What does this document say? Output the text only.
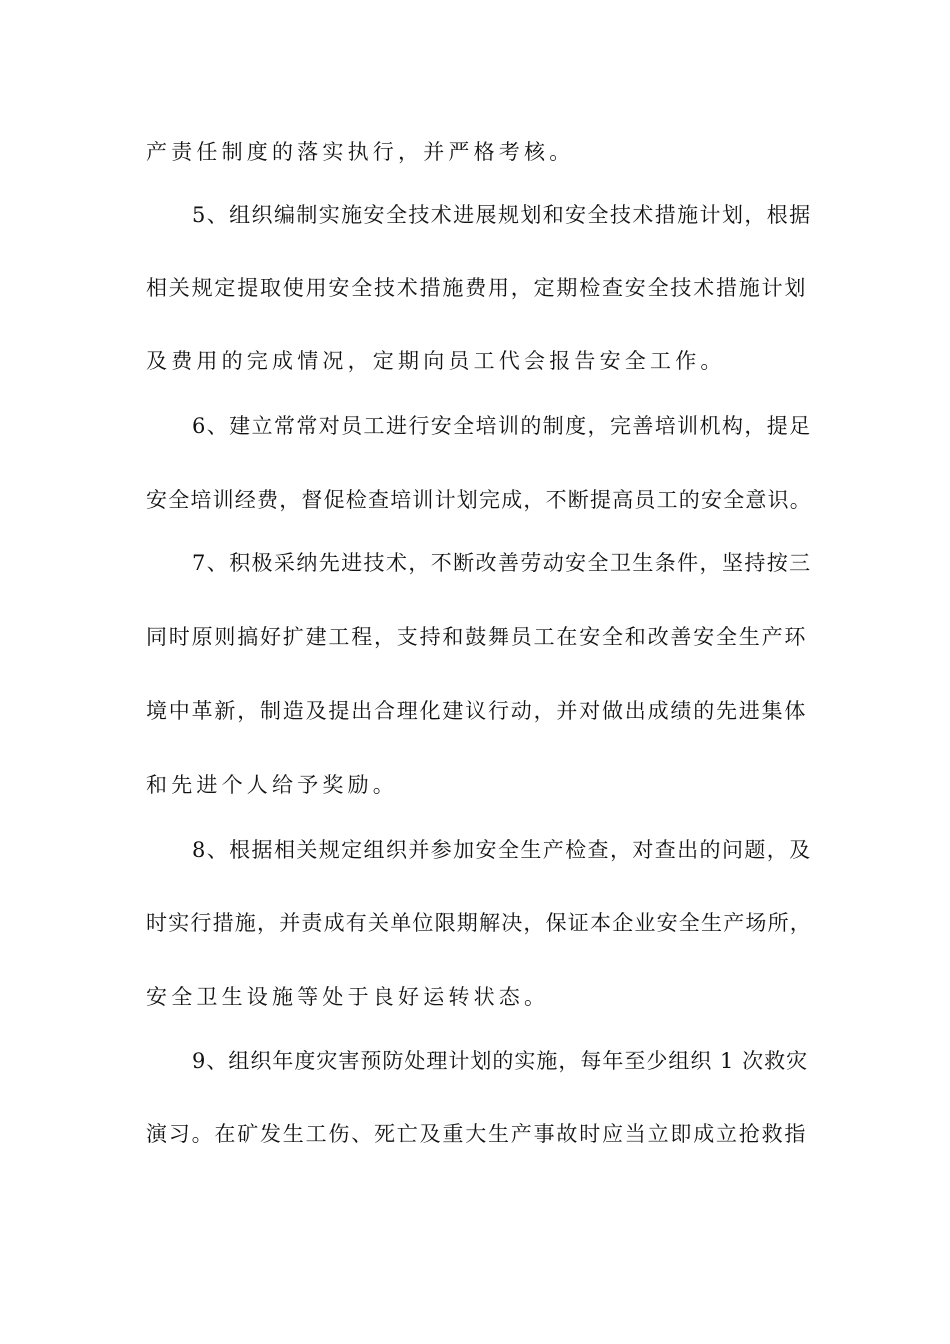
产责任制度的落实执行，并严格考核。
5、组织编制实施安全技术进展规划和安全技术措施计划，根据
相关规定提取使用安全技术措施费用，定期检查安全技术措施计划
及费用的完成情况，定期向员工代会报告安全工作。
6、建立常常对员工进行安全培训的制度，完善培训机构，提足
安全培训经费，督促检查培训计划完成，不断提高员工的安全意识。
7、积极采纳先进技术，不断改善劳动安全卫生条件，坚持按三
同时原则搞好扩建工程，支持和鼓舞员工在安全和改善安全生产环
境中革新，制造及提出合理化建议行动，并对做出成绩的先进集体
和先进个人给予奖励。
8、根据相关规定组织并参加安全生产检查，对查出的问题，及
时实行措施，并责成有关单位限期解决，保证本企业安全生产场所，
安全卫生设施等处于良好运转状态。
9、组织年度灾害预防处理计划的实施，每年至少组织 1 次救灾
演习。在矿发生工伤、死亡及重大生产事故时应当立即成立抢救指
